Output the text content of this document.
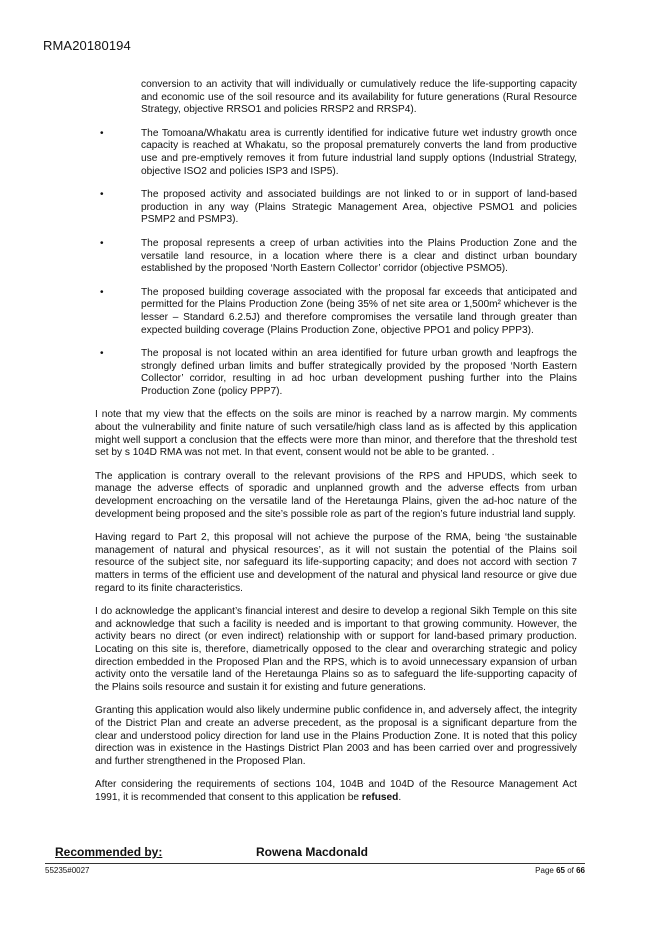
RMA20180194

conversion to an activity that will individually or cumulatively reduce the life-supporting capacity and economic use of the soil resource and its availability for future generations (Rural Resource Strategy, objective RRSO1 and policies RRSP2 and RRSP4).

•	The Tomoana/Whakatu area is currently identified for indicative future wet industry growth once capacity is reached at Whakatu, so the proposal prematurely converts the land from productive use and pre-emptively removes it from future industrial land supply options (Industrial Strategy, objective ISO2 and policies ISP3 and ISP5).
•	The proposed activity and associated buildings are not linked to or in support of land-based production in any way (Plains Strategic Management Area, objective PSMO1 and policies PSMP2 and PSMP3).
•	The proposal represents a creep of urban activities into the Plains Production Zone and the versatile land resource, in a location where there is a clear and distinct urban boundary established by the proposed ‘North Eastern Collector’ corridor (objective PSMO5).
•	The proposed building coverage associated with the proposal far exceeds that anticipated and permitted for the Plains Production Zone (being 35% of net site area or 1,500m² whichever is the lesser – Standard 6.2.5J) and therefore compromises the versatile land through greater than expected building coverage (Plains Production Zone, objective PPO1 and policy PPP3).
•	The proposal is not located within an area identified for future urban growth and leapfrogs the strongly defined urban limits and buffer strategically provided by the proposed ‘North Eastern Collector’ corridor, resulting in ad hoc urban development pushing further into the Plains Production Zone (policy PPP7).

I note that my view that the effects on the soils are minor is reached by a narrow margin. My comments about the vulnerability and finite nature of such versatile/high class land as is affected by this application might well support a conclusion that the effects were more than minor, and therefore that the threshold test set by s 104D RMA was not met. In that event, consent would not be able to be granted. .

The application is contrary overall to the relevant provisions of the RPS and HPUDS, which seek to manage the adverse effects of sporadic and unplanned growth and the adverse effects from urban development encroaching on the versatile land of the Heretaunga Plains, given the ad-hoc nature of the development being proposed and the site’s possible role as part of the region’s future industrial land supply.

Having regard to Part 2, this proposal will not achieve the purpose of the RMA, being ‘the sustainable management of natural and physical resources’, as it will not sustain the potential of the Plains soil resource of the subject site, nor safeguard its life-supporting capacity; and does not accord with section 7 matters in terms of the efficient use and development of the natural and physical land resource or give due regard to its finite characteristics.

I do acknowledge the applicant’s financial interest and desire to develop a regional Sikh Temple on this site and acknowledge that such a facility is needed and is important to that growing community. However, the activity bears no direct (or even indirect) relationship with or support for land-based primary production. Locating on this site is, therefore, diametrically opposed to the clear and overarching strategic and policy direction embedded in the Proposed Plan and the RPS, which is to avoid unnecessary expansion of urban activity onto the versatile land of the Heretaunga Plains so as to safeguard the life-supporting capacity of the Plains soils resource and sustain it for existing and future generations.

Granting this application would also likely undermine public confidence in, and adversely affect, the integrity of the District Plan and create an adverse precedent, as the proposal is a significant departure from the clear and understood policy direction for land use in the Plains Production Zone. It is noted that this policy direction was in existence in the Hastings District Plan 2003 and has been carried over and progressively and further strengthened in the Proposed Plan.

After considering the requirements of sections 104, 104B and 104D of the Resource Management Act 1991, it is recommended that consent to this application be refused.

Recommended by:	Rowena Macdonald
55235#0027	Page 65 of 66
